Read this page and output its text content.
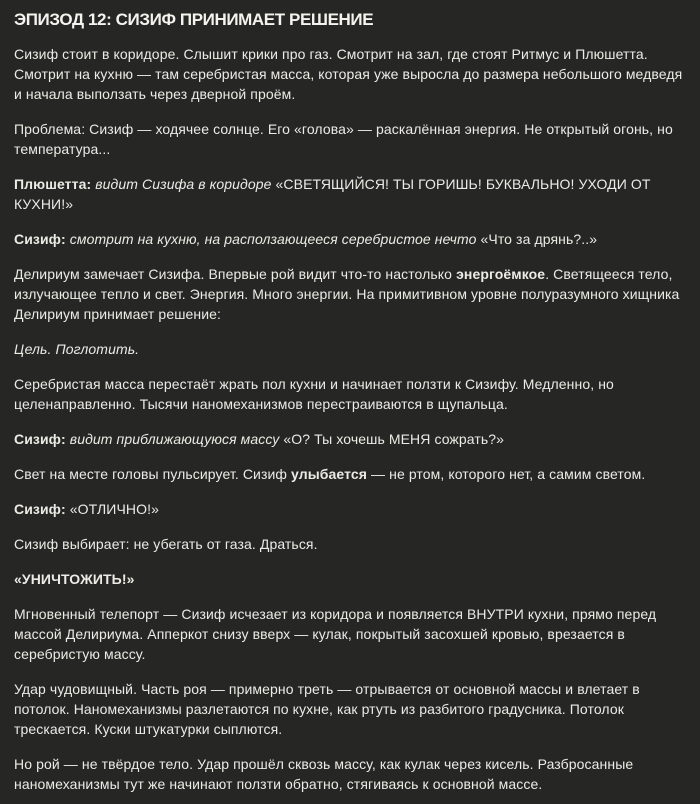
ЭПИЗОД 12: СИЗИФ ПРИНИМАЕТ РЕШЕНИЕ

Сизиф стоит в коридоре. Слышит крики про газ. Смотрит на зал, где стоят Ритмус и Плюшетта. Смотрит на кухню — там серебристая масса, которая уже выросла до размера небольшого медведя и начала выползать через дверной проём.

Проблема: Сизиф — ходячее солнце. Его «голова» — раскалённая энергия. Не открытый огонь, но температура...

Плюшетта: видит Сизифа в коридоре «СВЕТЯЩИЙСЯ! ТЫ ГОРИШЬ! БУКВАЛЬНО! УХОДИ ОТ КУХНИ!»

Сизиф: смотрит на кухню, на расползающееся серебристое нечто «Что за дрянь?..»

Делириум замечает Сизифа. Впервые рой видит что-то настолько энергоёмкое. Светящееся тело, излучающее тепло и свет. Энергия. Много энергии. На примитивном уровне полуразумного хищника Делириум принимает решение:

Цель. Поглотить.

Серебристая масса перестаёт жрать пол кухни и начинает ползти к Сизифу. Медленно, но целенаправленно. Тысячи наномеханизмов перестраиваются в щупальца.

Сизиф: видит приближающуюся массу «О? Ты хочешь МЕНЯ сожрать?»

Свет на месте головы пульсирует. Сизиф улыбается — не ртом, которого нет, а самим светом.

Сизиф: «ОТЛИЧНО!»

Сизиф выбирает: не убегать от газа. Драться.

«УНИЧТОЖИТЬ!»

Мгновенный телепорт — Сизиф исчезает из коридора и появляется ВНУТРИ кухни, прямо перед массой Делириума. Апперкот снизу вверх — кулак, покрытый засохшей кровью, врезается в серебристую массу.

Удар чудовищный. Часть роя — примерно треть — отрывается от основной массы и влетает в потолок. Наномеханизмы разлетаются по кухне, как ртуть из разбитого градусника. Потолок трескается. Куски штукатурки сыплются.

Но рой — не твёрдое тело. Удар прошёл сквозь массу, как кулак через кисель. Разбросанные наномеханизмы тут же начинают ползти обратно, стягиваясь к основной массе.
